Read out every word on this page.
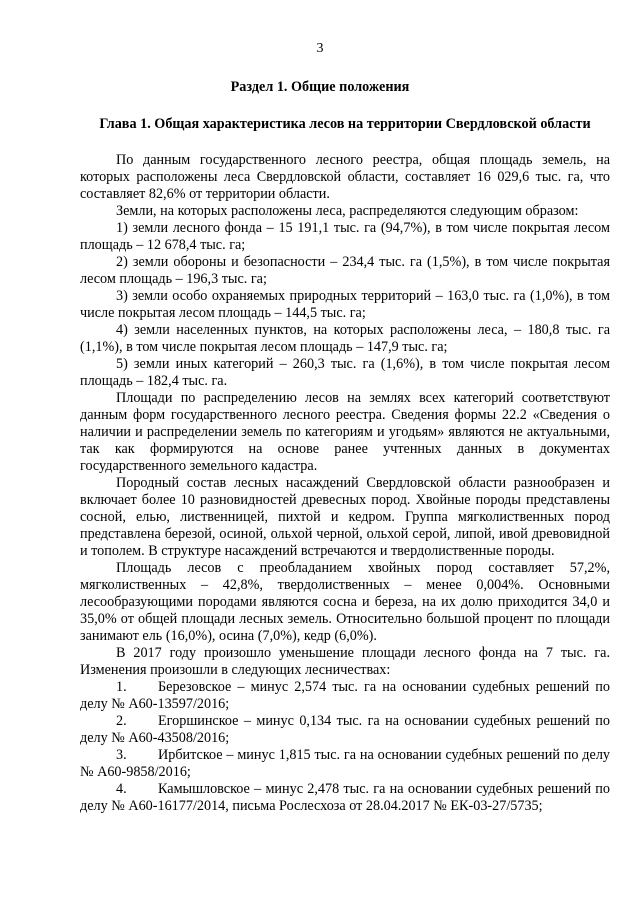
3
Раздел 1. Общие положения
Глава 1. Общая характеристика лесов на территории Свердловской области

По данным государственного лесного реестра, общая площадь земель, на которых расположены леса Свердловской области, составляет 16 029,6 тыс. га, что составляет 82,6% от территории области.

Земли, на которых расположены леса, распределяются следующим образом:

1) земли лесного фонда – 15 191,1 тыс. га (94,7%), в том числе покрытая лесом площадь – 12 678,4 тыс. га;

2) земли обороны и безопасности – 234,4 тыс. га (1,5%), в том числе покрытая лесом площадь – 196,3 тыс. га;

3) земли особо охраняемых природных территорий – 163,0 тыс. га (1,0%), в том числе покрытая лесом площадь – 144,5 тыс. га;

4) земли населенных пунктов, на которых расположены леса, – 180,8 тыс. га (1,1%), в том числе покрытая лесом площадь – 147,9 тыс. га;

5) земли иных категорий – 260,3 тыс. га (1,6%), в том числе покрытая лесом площадь – 182,4 тыс. га.

Площади по распределению лесов на землях всех категорий соответствуют данным форм государственного лесного реестра. Сведения формы 22.2 «Сведения о наличии и распределении земель по категориям и угодьям» являются не актуальными, так как формируются на основе ранее учтенных данных в документах государственного земельного кадастра.

Породный состав лесных насаждений Свердловской области разнообразен и включает более 10 разновидностей древесных пород. Хвойные породы представлены сосной, елью, лиственницей, пихтой и кедром. Группа мягколиственных пород представлена березой, осиной, ольхой черной, ольхой серой, липой, ивой древовидной и тополем. В структуре насаждений встречаются и твердолиственные породы.

Площадь лесов с преобладанием хвойных пород составляет 57,2%, мягколиственных – 42,8%, твердолиственных – менее 0,004%. Основными лесообразующими породами являются сосна и береза, на их долю приходится 34,0 и 35,0% от общей площади лесных земель. Относительно большой процент по площади занимают ель (16,0%), осина (7,0%), кедр (6,0%).

В 2017 году произошло уменьшение площади лесного фонда на 7 тыс. га. Изменения произошли в следующих лесничествах:

1. Березовское – минус 2,574 тыс. га на основании судебных решений по делу № А60-13597/2016;

2. Егоршинское – минус 0,134 тыс. га на основании судебных решений по делу № А60-43508/2016;

3. Ирбитское – минус 1,815 тыс. га на основании судебных решений по делу № А60-9858/2016;

4. Камышловское – минус 2,478 тыс. га на основании судебных решений по делу № А60-16177/2014, письма Рослесхоза от 28.04.2017 № ЕК-03-27/5735;
